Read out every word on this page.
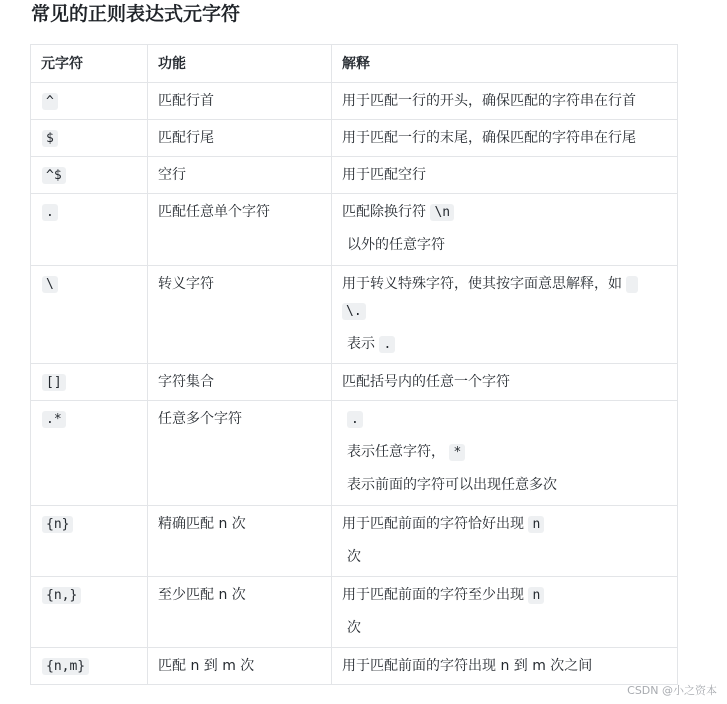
常见的正则表达式元字符
元字符	功能	解释
^	匹配行首	用于匹配一行的开头，确保匹配的字符串在行首

$	匹配行尾	用于匹配一行的末尾，确保匹配的字符串在行尾

^$	空行	用于匹配空行

.	匹配任意单个字符	匹配除换行符 \n
以外的任意字符

\	转义字符	用于转义特殊字符，使其按字面意思解释，如
\.
表示 .

[]	字符集合	匹配括号内的任意一个字符

.*	任意多个字符	.
表示任意字符， *
表示前面的字符可以出现任意多次

{n}	精确匹配 n 次	用于匹配前面的字符恰好出现 n
次

{n,}	至少匹配 n 次	用于匹配前面的字符至少出现 n
次

{n,m}	匹配 n 到 m 次	用于匹配前面的字符出现 n 到 m 次之间
CSDN @小之资本
